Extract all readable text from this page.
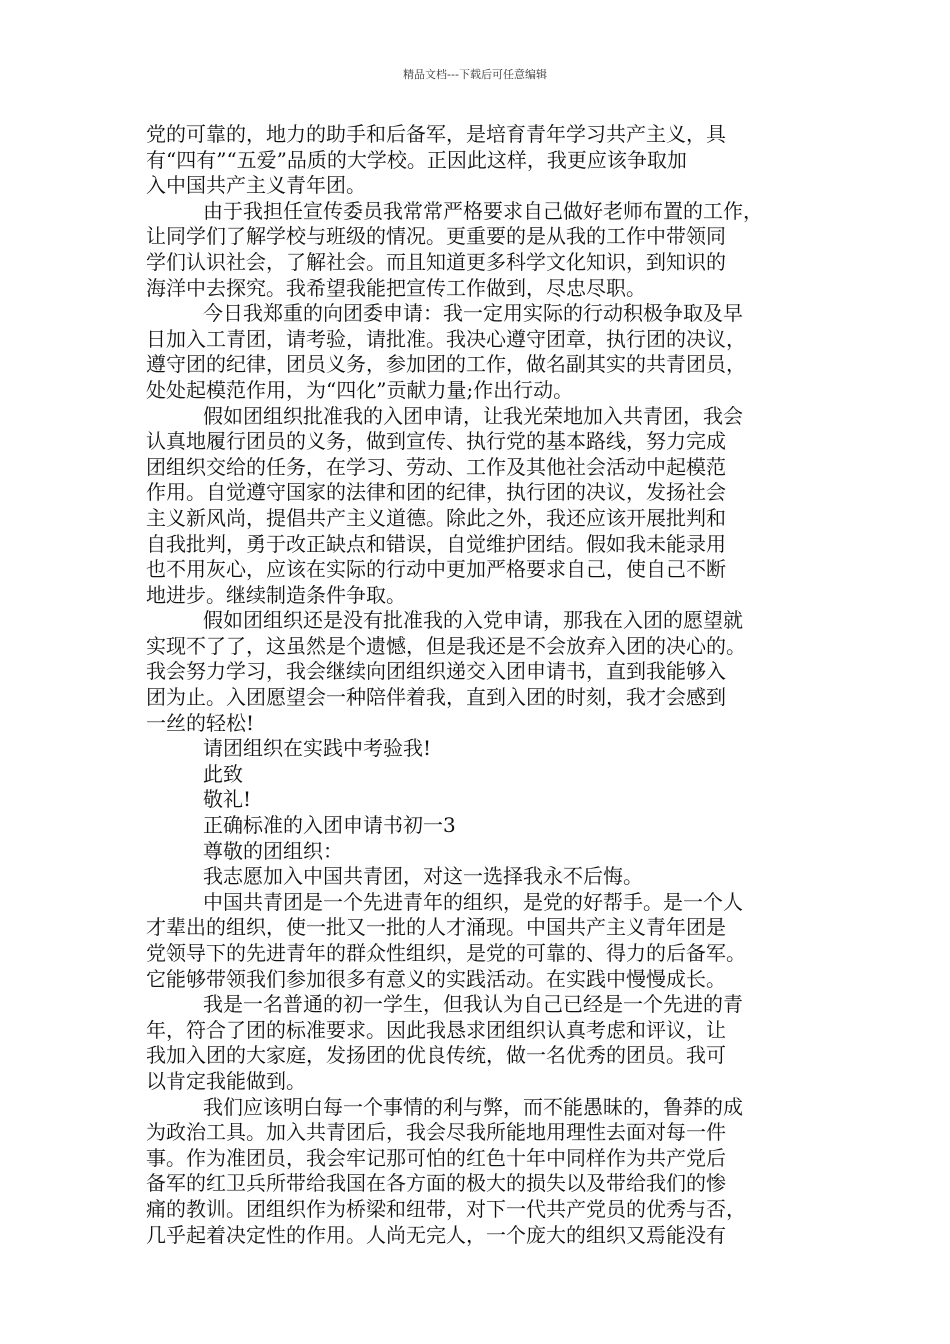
精品文档---下载后可任意编辑
党的可靠的，地力的助手和后备军，是培育青年学习共产主义，具
有“四有”“五爱”品质的大学校。正因此这样，我更应该争取加
入中国共产主义青年团。
由于我担任宣传委员我常常严格要求自己做好老师布置的工作，
让同学们了解学校与班级的情况。更重要的是从我的工作中带领同
学们认识社会，了解社会。而且知道更多科学文化知识，到知识的
海洋中去探究。我希望我能把宣传工作做到，尽忠尽职。
今日我郑重的向团委申请：我一定用实际的行动积极争取及早
日加入工青团，请考验，请批准。我决心遵守团章，执行团的决议，
遵守团的纪律，团员义务，参加团的工作，做名副其实的共青团员，
处处起模范作用，为“四化”贡献力量;作出行动。
假如团组织批准我的入团申请，让我光荣地加入共青团，我会
认真地履行团员的义务，做到宣传、执行党的基本路线，努力完成
团组织交给的任务，在学习、劳动、工作及其他社会活动中起模范
作用。自觉遵守国家的法律和团的纪律，执行团的决议，发扬社会
主义新风尚，提倡共产主义道德。除此之外，我还应该开展批判和
自我批判，勇于改正缺点和错误，自觉维护团结。假如我未能录用
也不用灰心，应该在实际的行动中更加严格要求自己，使自己不断
地进步。继续制造条件争取。
假如团组织还是没有批准我的入党申请，那我在入团的愿望就
实现不了了，这虽然是个遗憾，但是我还是不会放弃入团的决心的。
我会努力学习，我会继续向团组织递交入团申请书，直到我能够入
团为止。入团愿望会一种陪伴着我，直到入团的时刻，我才会感到
一丝的轻松!
请团组织在实践中考验我!
此致
敬礼!
正确标准的入团申请书初一3
尊敬的团组织：
我志愿加入中国共青团，对这一选择我永不后悔。
中国共青团是一个先进青年的组织，是党的好帮手。是一个人
才辈出的组织，使一批又一批的人才涌现。中国共产主义青年团是
党领导下的先进青年的群众性组织，是党的可靠的、得力的后备军。
它能够带领我们参加很多有意义的实践活动。在实践中慢慢成长。
我是一名普通的初一学生，但我认为自己已经是一个先进的青
年，符合了团的标准要求。因此我恳求团组织认真考虑和评议，让
我加入团的大家庭，发扬团的优良传统，做一名优秀的团员。我可
以肯定我能做到。
我们应该明白每一个事情的利与弊，而不能愚昧的，鲁莽的成
为政治工具。加入共青团后，我会尽我所能地用理性去面对每一件
事。作为准团员，我会牢记那可怕的红色十年中同样作为共产党后
备军的红卫兵所带给我国在各方面的极大的损失以及带给我们的惨
痛的教训。团组织作为桥梁和纽带，对下一代共产党员的优秀与否，
几乎起着决定性的作用。人尚无完人，一个庞大的组织又焉能没有
